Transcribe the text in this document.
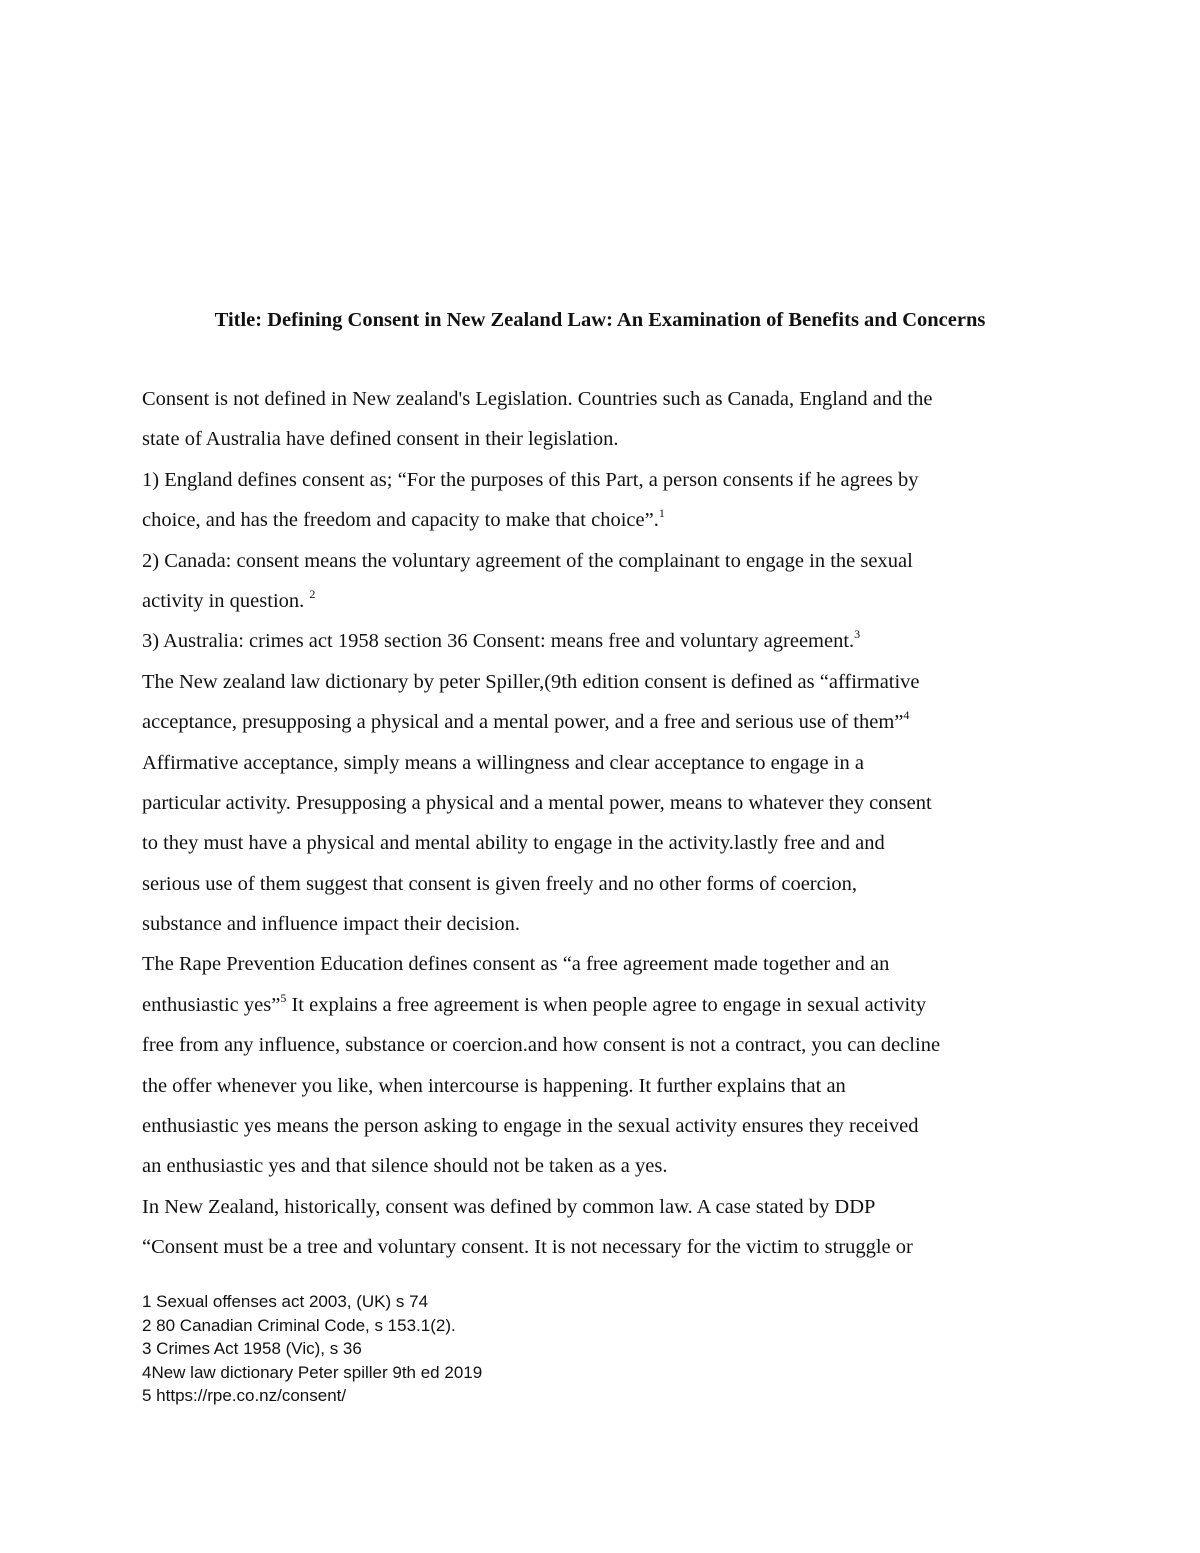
Title: Defining Consent in New Zealand Law: An Examination of Benefits and Concerns
Consent is not defined in New zealand's Legislation. Countries such as Canada, England and the
state of Australia have defined consent in their legislation.
1) England defines consent as; “For the purposes of this Part, a person consents if he agrees by
choice, and has the freedom and capacity to make that choice”.$^1$
2) Canada: consent means the voluntary agreement of the complainant to engage in the sexual
activity in question. $^2$
3) Australia: crimes act 1958 section 36 Consent: means free and voluntary agreement.$^3$
The New zealand law dictionary by peter Spiller,(9th edition consent is defined as “affirmative
acceptance, presupposing a physical and a mental power, and a free and serious use of them”$^4$
Affirmative acceptance, simply means a willingness and clear acceptance to engage in a
particular activity. Presupposing a physical and a mental power, means to whatever they consent
to they must have a physical and mental ability to engage in the activity.lastly free and and
serious use of them suggest that consent is given freely and no other forms of coercion,
substance and influence impact their decision.
The Rape Prevention Education defines consent as “a free agreement made together and an
enthusiastic yes”$^5$ It explains a free agreement is when people agree to engage in sexual activity
free from any influence, substance or coercion.and how consent is not a contract, you can decline
the offer whenever you like, when intercourse is happening. It further explains that an
enthusiastic yes means the person asking to engage in the sexual activity ensures they received
an enthusiastic yes and that silence should not be taken as a yes.
In New Zealand, historically, consent was defined by common law. A case stated by DDP
“Consent must be a tree and voluntary consent. It is not necessary for the victim to struggle or
1 Sexual offenses act 2003, (UK) s 74
2 80 Canadian Criminal Code, s 153.1(2).
3 Crimes Act 1958 (Vic), s 36
4New law dictionary Peter spiller 9th ed 2019
5 https://rpe.co.nz/consent/
